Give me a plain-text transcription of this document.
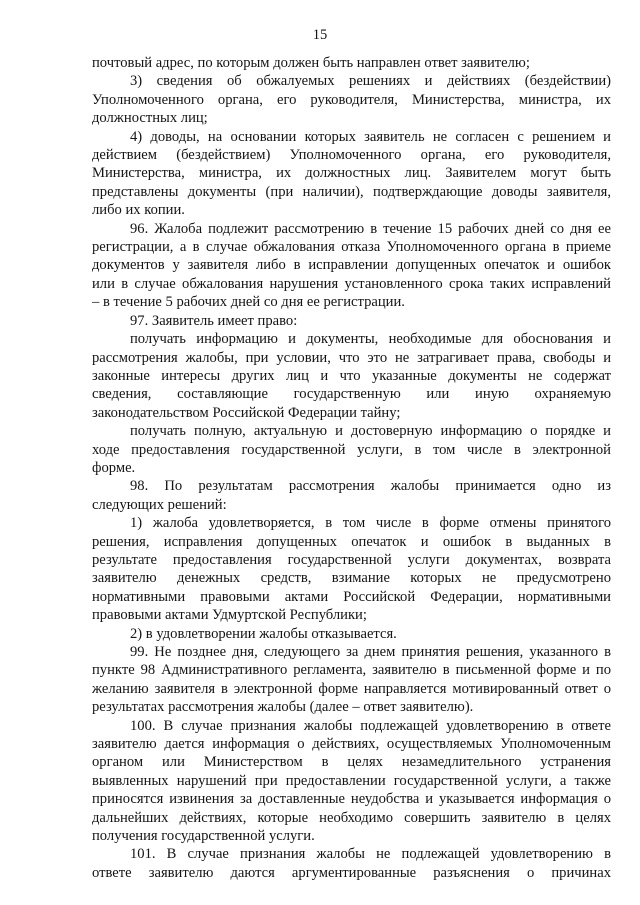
15
почтовый адрес, по которым должен быть направлен ответ заявителю;
3) сведения об обжалуемых решениях и действиях (бездействии)
Уполномоченного органа, его руководителя, Министерства, министра, их
должностных лиц;
4) доводы, на основании которых заявитель не согласен с решением и
действием (бездействием) Уполномоченного органа, его руководителя,
Министерства, министра, их должностных лиц. Заявителем могут быть
представлены документы (при наличии), подтверждающие доводы заявителя,
либо их копии.
96. Жалоба подлежит рассмотрению в течение 15 рабочих дней со дня ее
регистрации, а в случае обжалования отказа Уполномоченного органа в приеме
документов у заявителя либо в исправлении допущенных опечаток и ошибок
или в случае обжалования нарушения установленного срока таких исправлений
– в течение 5 рабочих дней со дня ее регистрации.
97. Заявитель имеет право:
получать информацию и документы, необходимые для обоснования и
рассмотрения жалобы, при условии, что это не затрагивает права, свободы и
законные интересы других лиц и что указанные документы не содержат
сведения, составляющие государственную или иную охраняемую
законодательством Российской Федерации тайну;
получать полную, актуальную и достоверную информацию о порядке и
ходе предоставления государственной услуги, в том числе в электронной
форме.
98. По результатам рассмотрения жалобы принимается одно из
следующих решений:
1) жалоба удовлетворяется, в том числе в форме отмены принятого
решения, исправления допущенных опечаток и ошибок в выданных в
результате предоставления государственной услуги документах, возврата
заявителю денежных средств, взимание которых не предусмотрено
нормативными правовыми актами Российской Федерации, нормативными
правовыми актами Удмуртской Республики;
2) в удовлетворении жалобы отказывается.
99. Не позднее дня, следующего за днем принятия решения, указанного в
пункте 98 Административного регламента, заявителю в письменной форме и по
желанию заявителя в электронной форме направляется мотивированный ответ о
результатах рассмотрения жалобы (далее – ответ заявителю).
100. В случае признания жалобы подлежащей удовлетворению в ответе
заявителю дается информация о действиях, осуществляемых Уполномоченным
органом или Министерством в целях незамедлительного устранения
выявленных нарушений при предоставлении государственной услуги, а также
приносятся извинения за доставленные неудобства и указывается информация о
дальнейших действиях, которые необходимо совершить заявителю в целях
получения государственной услуги.
101. В случае признания жалобы не подлежащей удовлетворению в
ответе заявителю даются аргументированные разъяснения о причинах
